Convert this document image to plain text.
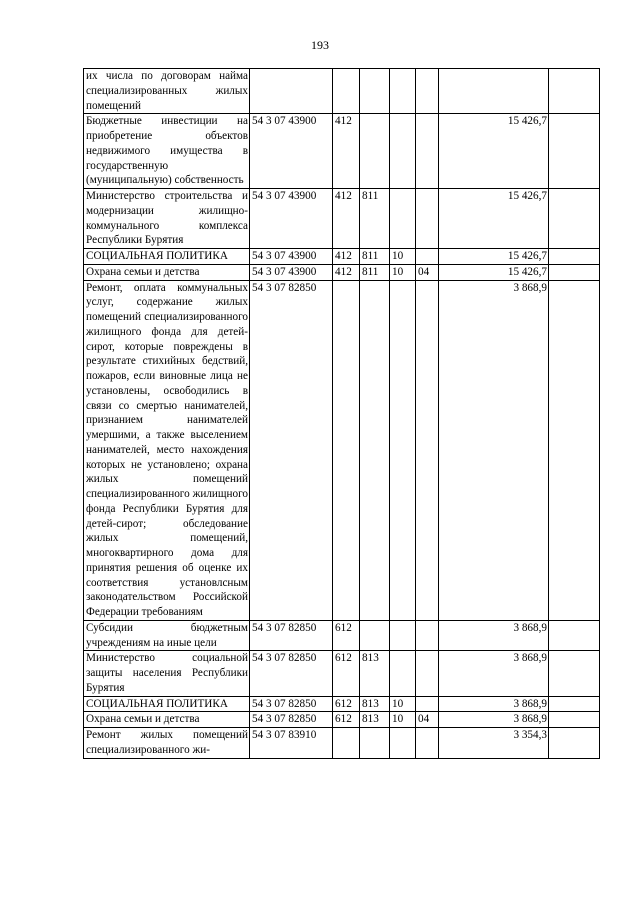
193
их числа по договорам найма специализированных жилых помещений							
Бюджетные инвестиции на приобретение объектов недвижимого имущества в государственную (муниципальную) собственность	54 3 07 43900	412				15 426,7	
Министерство строительства и модернизации жилищно-коммунального комплекса Республики Бурятия	54 3 07 43900	412	811			15 426,7	
СОЦИАЛЬНАЯ ПОЛИТИКА	54 3 07 43900	412	811	10		15 426,7	
Охрана семьи и детства	54 3 07 43900	412	811	10	04	15 426,7	
Ремонт, оплата коммунальных услуг, содержание жилых помещений специализированного жилищного фонда для детей-сирот, которые повреждены в результате стихийных бедствий, пожаров, если виновные лица не установлены, освободились в связи со смертью нанимателей, признанием нанимателей умершими, а также выселением нанимателей, место нахождения которых не установлено; охрана жилых помещений специализированного жилищного фонда Республики Бурятия для детей-сирот; обследование жилых помещений, многоквартирного дома для принятия решения об оценке их соответствия установлсным законодательством Российской Федерации требованиям	54 3 07 82850					3 868,9	
Субсидии бюджетным учреждениям на иные цели	54 3 07 82850	612				3 868,9	
Министерство социальной защиты населения Республики Бурятия	54 3 07 82850	612	813			3 868,9	
СОЦИАЛЬНАЯ ПОЛИТИКА	54 3 07 82850	612	813	10		3 868,9	
Охрана семьи и детства	54 3 07 82850	612	813	10	04	3 868,9	
Ремонт жилых помещений специализированного жи-	54 3 07 83910					3 354,3	
